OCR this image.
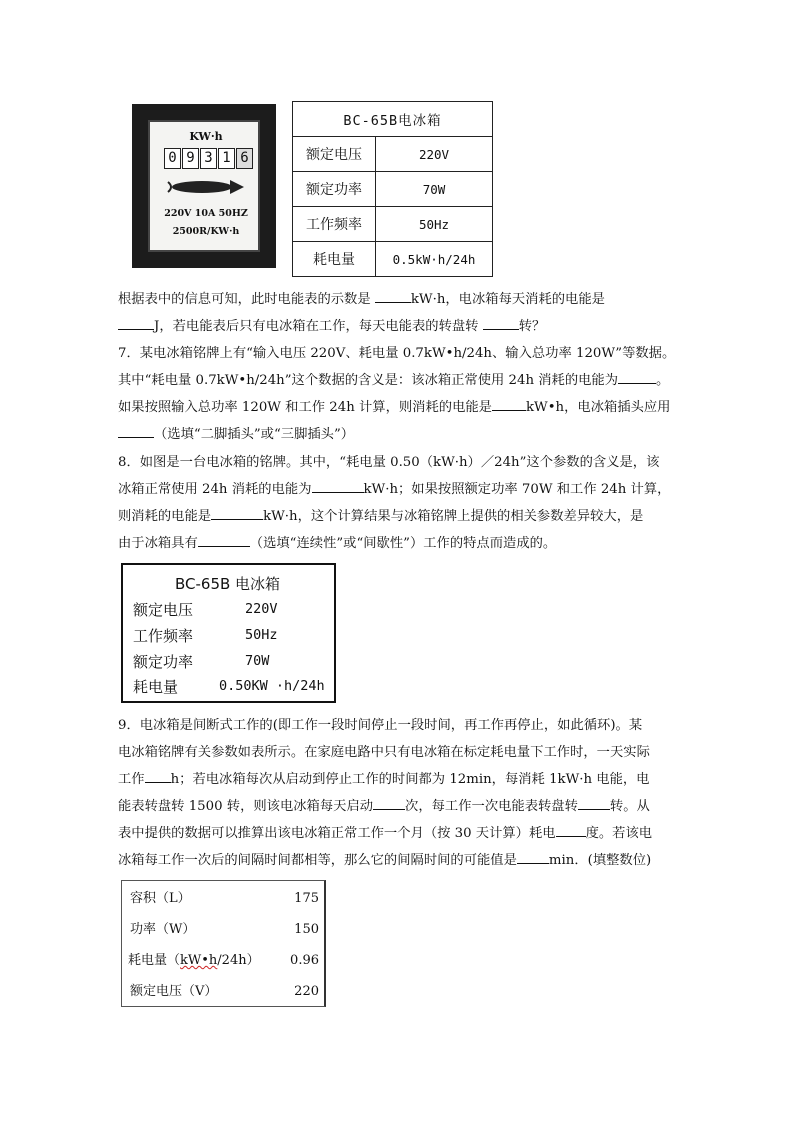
KW·h
0 9 3 1 6
220V 10A 50HZ
2500R/KW·h
BC-65B电冰箱	
额定电压	220V
额定功率	70W
工作频率	50Hz
耗电量	0.5kW·h/24h
根据表中的信息可知，此时电能表的示数是	kW·h，电冰箱每天消耗的电能是
J，若电能表后只有电冰箱在工作，每天电能表的转盘转	转？
7．某电冰箱铭牌上有“输入电压 220V、耗电量 0.7kW•h/24h、输入总功率 120W”等数据。
其中“耗电量 0.7kW•h/24h”这个数据的含义是：该冰箱正常使用 24h 消耗的电能为	。
如果按照输入总功率 120W 和工作 24h 计算，则消耗的电能是	kW•h，电冰箱插头应用
（选填“二脚插头”或“三脚插头”）
8．如图是一台电冰箱的铭牌。其中，“耗电量 0.50（kW·h）／24h”这个参数的含义是，该
冰箱正常使用 24h 消耗的电能为	kW·h；如果按照额定功率 70W 和工作 24h 计算，
则消耗的电能是	kW·h，这个计算结果与冰箱铭牌上提供的相关参数差异较大，是
由于冰箱具有	（选填“连续性”或“间歇性”）工作的特点而造成的。
BC-65B 电冰箱
额定电压	220V
工作频率	50Hz
额定功率	70W
耗电量	0.50KW ·h/24h
9．电冰箱是间断式工作的(即工作一段时间停止一段时间，再工作再停止，如此循环)。某
电冰箱铭牌有关参数如表所示。在家庭电路中只有电冰箱在标定耗电量下工作时，一天实际
工作 h；若电冰箱每次从启动到停止工作的时间都为 12min，每消耗 1kW·h 电能，电
能表转盘转 1500 转，则该电冰箱每天启动 次，每工作一次电能表转盘转 转。从
表中提供的数据可以推算出该电冰箱正常工作一个月（按 30 天计算）耗电 度。若该电
冰箱每工作一次后的间隔时间都相等，那么它的间隔时间的可能值是 min．(填整数位)
容积（L）	175
功率（W）	150
耗电量（kW•h/24h） 0.96
额定电压（V）	220
